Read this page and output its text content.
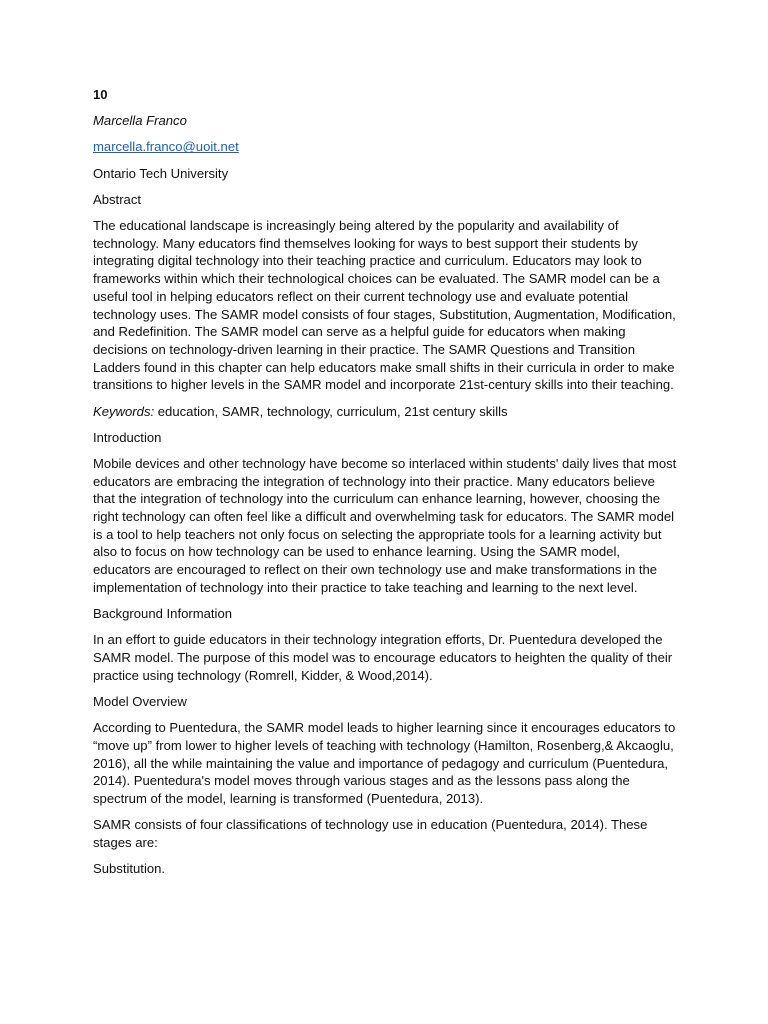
10

Marcella Franco

marcella.franco@uoit.net

Ontario Tech University

Abstract

The educational landscape is increasingly being altered by the popularity and availability of technology. Many educators find themselves looking for ways to best support their students by integrating digital technology into their teaching practice and curriculum. Educators may look to frameworks within which their technological choices can be evaluated. The SAMR model can be a useful tool in helping educators reflect on their current technology use and evaluate potential technology uses. The SAMR model consists of four stages, Substitution, Augmentation, Modification, and Redefinition. The SAMR model can serve as a helpful guide for educators when making decisions on technology-driven learning in their practice. The SAMR Questions and Transition Ladders found in this chapter can help educators make small shifts in their curricula in order to make transitions to higher levels in the SAMR model and incorporate 21st-century skills into their teaching.

Keywords: education, SAMR, technology, curriculum, 21st century skills

Introduction

Mobile devices and other technology have become so interlaced within students' daily lives that most educators are embracing the integration of technology into their practice. Many educators believe that the integration of technology into the curriculum can enhance learning, however, choosing the right technology can often feel like a difficult and overwhelming task for educators. The SAMR model is a tool to help teachers not only focus on selecting the appropriate tools for a learning activity but also to focus on how technology can be used to enhance learning. Using the SAMR model, educators are encouraged to reflect on their own technology use and make transformations in the implementation of technology into their practice to take teaching and learning to the next level.

Background Information

In an effort to guide educators in their technology integration efforts, Dr. Puentedura developed the SAMR model. The purpose of this model was to encourage educators to heighten the quality of their practice using technology (Romrell, Kidder, & Wood,2014).

Model Overview

According to Puentedura, the SAMR model leads to higher learning since it encourages educators to “move up” from lower to higher levels of teaching with technology (Hamilton, Rosenberg,& Akcaoglu, 2016), all the while maintaining the value and importance of pedagogy and curriculum (Puentedura, 2014). Puentedura's model moves through various stages and as the lessons pass along the spectrum of the model, learning is transformed (Puentedura, 2013).

SAMR consists of four classifications of technology use in education (Puentedura, 2014). These stages are:

Substitution.
